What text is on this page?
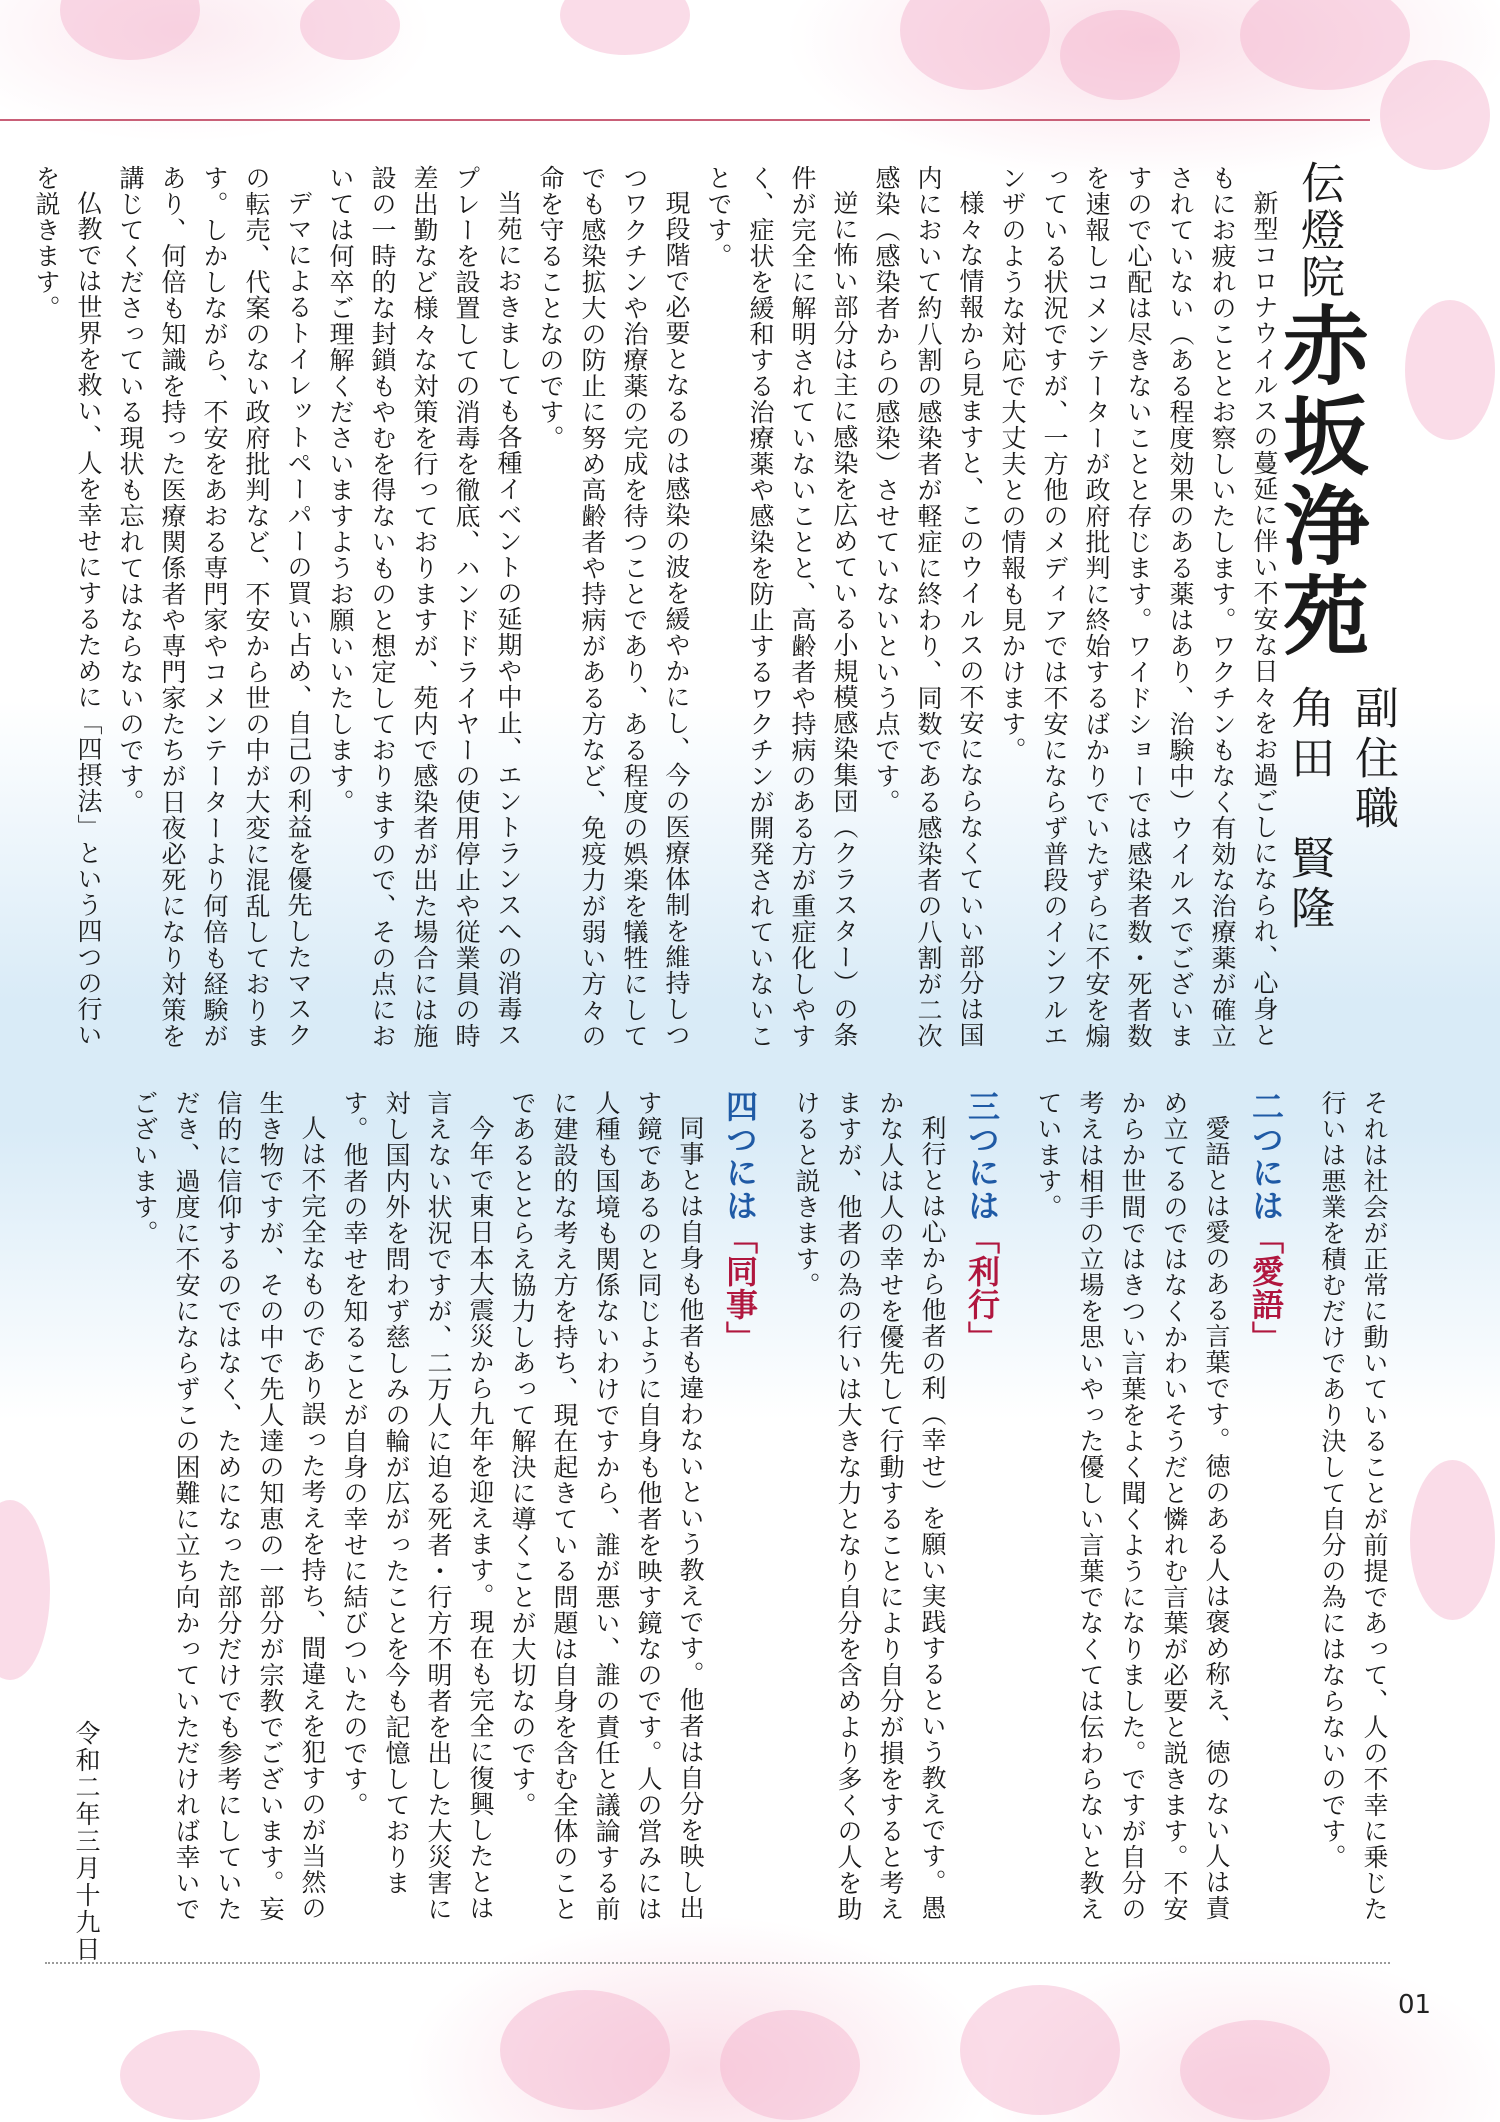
伝燈院赤坂浄苑
副住職
角田　賢隆

新型コロナウイルスの蔓延に伴い不安な日々をお過ごしになられ、心身ともにお疲れのこととお察しいたします。ワクチンもなく有効な治療薬が確立されていない（ある程度効果のある薬はあり、治験中）ウイルスでございますので心配は尽きないことと存じます。ワイドショーでは感染者数・死者数を速報しコメンテーターが政府批判に終始するばかりでいたずらに不安を煽っている状況ですが、一方他のメディアでは不安にならず普段のインフルエンザのような対応で大丈夫との情報も見かけます。

様々な情報から見ますと、このウイルスの不安にならなくていい部分は国内において約八割の感染者が軽症に終わり、同数である感染者の八割が二次感染（感染者からの感染）させていないという点です。

逆に怖い部分は主に感染を広めている小規模感染集団（クラスター）の条件が完全に解明されていないことと、高齢者や持病のある方が重症化しやすく、症状を緩和する治療薬や感染を防止するワクチンが開発されていないことです。

現段階で必要となるのは感染の波を緩やかにし、今の医療体制を維持しつつワクチンや治療薬の完成を待つことであり、ある程度の娯楽を犠牲にしてでも感染拡大の防止に努め高齢者や持病がある方など、免疫力が弱い方々の命を守ることなのです。

当苑におきましても各種イベントの延期や中止、エントランスへの消毒スプレーを設置しての消毒を徹底、ハンドドライヤーの使用停止や従業員の時差出勤など様々な対策を行っておりますが、苑内で感染者が出た場合には施設の一時的な封鎖もやむを得ないものと想定しておりますので、その点においては何卒ご理解くださいますようお願いいたします。

デマによるトイレットペーパーの買い占め、自己の利益を優先したマスクの転売、代案のない政府批判など、不安から世の中が大変に混乱しております。しかしながら、不安をあおる専門家やコメンテーターより何倍も経験があり、何倍も知識を持った医療関係者や専門家たちが日夜必死になり対策を講じてくださっている現状も忘れてはならないのです。

仏教では世界を救い、人を幸せにするために「四摂法」という四つの行いを説きます。

それは社会が正常に動いていることが前提であって、人の不幸に乗じた行いは悪業を積むだけであり決して自分の為にはならないのです。

二つには「愛語」

愛語とは愛のある言葉です。徳のある人は褒め称え、徳のない人は責め立てるのではなくかわいそうだと憐れむ言葉が必要と説きます。不安からか世間ではきつい言葉をよく聞くようになりました。ですが自分の考えは相手の立場を思いやった優しい言葉でなくては伝わらないと教えています。

三つには「利行」

利行とは心から他者の利（幸せ）を願い実践するという教えです。愚かな人は人の幸せを優先して行動することにより自分が損をすると考えますが、他者の為の行いは大きな力となり自分を含めより多くの人を助けると説きます。

四つには「同事」

同事とは自身も他者も違わないという教えです。他者は自分を映し出す鏡であるのと同じように自身も他者を映す鏡なのです。人の営みには人種も国境も関係ないわけですから、誰が悪い、誰の責任と議論する前に建設的な考え方を持ち、現在起きている問題は自身を含む全体のことであるととらえ協力しあって解決に導くことが大切なのです。

今年で東日本大震災から九年を迎えます。現在も完全に復興したとは言えない状況ですが、二万人に迫る死者・行方不明者を出した大災害に対し国内外を問わず慈しみの輪が広がったことを今も記憶しております。他者の幸せを知ることが自身の幸せに結びついたのです。

人は不完全なものであり誤った考えを持ち、間違えを犯すのが当然の生き物ですが、その中で先人達の知恵の一部分が宗教でございます。妄信的に信仰するのではなく、ためになった部分だけでも参考にしていただき、過度に不安にならずこの困難に立ち向かっていただければ幸いでございます。

令和二年三月十九日
01
